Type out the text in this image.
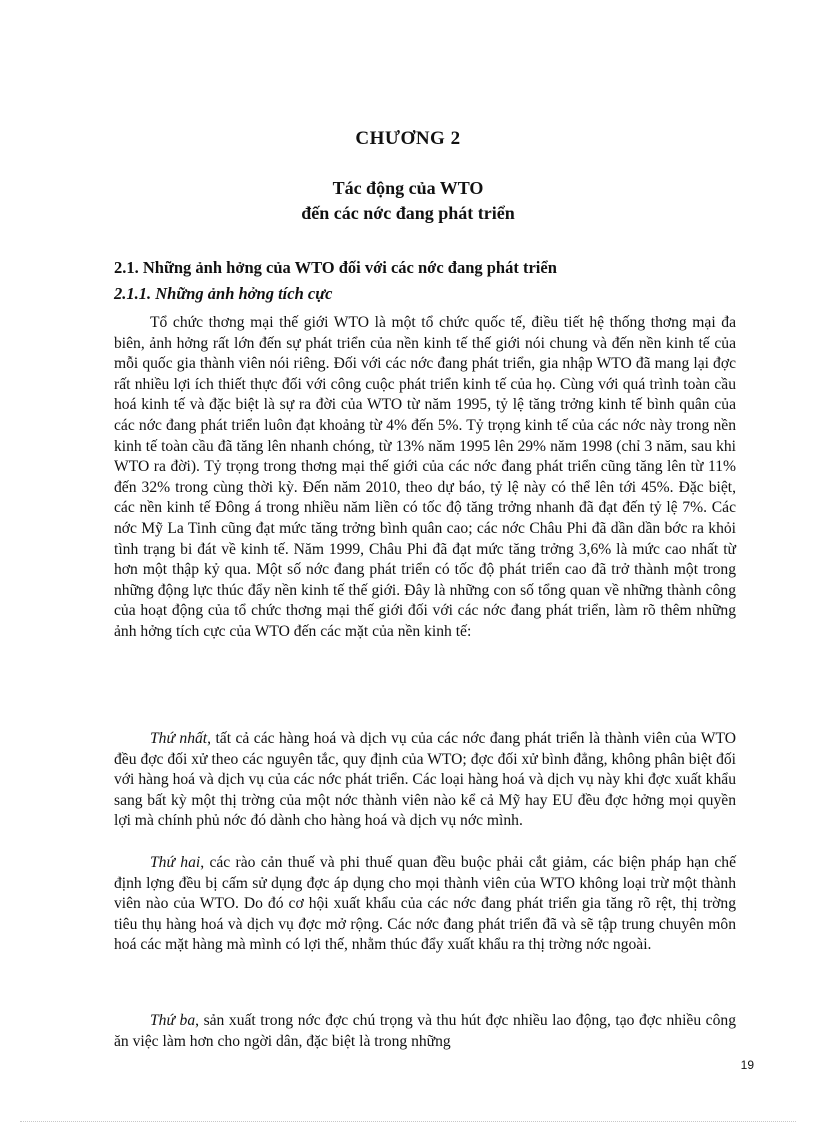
CHƯƠNG 2
Tác động của WTO
đến các nớc đang phát triển
2.1. Những ảnh hởng của WTO đối với các nớc đang phát triển
2.1.1. Những ảnh hởng tích cực

Tổ chức thơng mại thế giới WTO là một tổ chức quốc tế, điều tiết hệ thống thơng mại đa biên, ảnh hởng rất lớn đến sự phát triển của nền kinh tế thế giới nói chung và đến nền kinh tế của mỗi quốc gia thành viên nói riêng. Đối với các nớc đang phát triển, gia nhập WTO đã mang lại đợc rất nhiều lợi ích thiết thực đối với công cuộc phát triển kinh tế của họ. Cùng với quá trình toàn cầu hoá kinh tế và đặc biệt là sự ra đời của WTO từ năm 1995, tỷ lệ tăng trởng kinh tế bình quân của các nớc đang phát triển luôn đạt khoảng từ 4% đến 5%. Tỷ trọng kinh tế của các nớc này trong nền kinh tế toàn cầu đã tăng lên nhanh chóng, từ 13% năm 1995 lên 29% năm 1998 (chỉ 3 năm, sau khi WTO ra đời). Tỷ trọng trong thơng mại thế giới của các nớc đang phát triển cũng tăng lên từ 11% đến 32% trong cùng thời kỳ. Đến năm 2010, theo dự báo, tỷ lệ này có thể lên tới 45%. Đặc biệt, các nền kinh tế Đông á trong nhiều năm liền có tốc độ tăng trởng nhanh đã đạt đến tỷ lệ 7%. Các nớc Mỹ La Tinh cũng đạt mức tăng trởng bình quân cao; các nớc Châu Phi đã dần dần bớc ra khỏi tình trạng bi đát về kinh tế. Năm 1999, Châu Phi đã đạt mức tăng trởng 3,6% là mức cao nhất từ hơn một thập kỷ qua. Một số nớc đang phát triển có tốc độ phát triển cao đã trở thành một trong những động lực thúc đẩy nền kinh tế thế giới. Đây là những con số tổng quan về những thành công của hoạt động của tổ chức thơng mại thế giới đối với các nớc đang phát triển, làm rõ thêm những ảnh hởng tích cực của WTO đến các mặt của nền kinh tế:

Thứ nhất, tất cả các hàng hoá và dịch vụ của các nớc đang phát triển là thành viên của WTO đều đợc đối xử theo các nguyên tắc, quy định của WTO; đợc đối xử bình đẳng, không phân biệt đối với hàng hoá và dịch vụ của các nớc phát triển. Các loại hàng hoá và dịch vụ này khi đợc xuất khẩu sang bất kỳ một thị trờng của một nớc thành viên nào kể cả Mỹ hay EU đều đợc hởng mọi quyền lợi mà chính phủ nớc đó dành cho hàng hoá và dịch vụ nớc mình.

Thứ hai, các rào cản thuế và phi thuế quan đều buộc phải cắt giảm, các biện pháp hạn chế định lợng đều bị cấm sử dụng đợc áp dụng cho mọi thành viên của WTO không loại trừ một thành viên nào của WTO. Do đó cơ hội xuất khẩu của các nớc đang phát triển gia tăng rõ rệt, thị trờng tiêu thụ hàng hoá và dịch vụ đợc mở rộng. Các nớc đang phát triển đã và sẽ tập trung chuyên môn hoá các mặt hàng mà mình có lợi thế, nhằm thúc đẩy xuất khẩu ra thị trờng nớc ngoài.

Thứ ba, sản xuất trong nớc đợc chú trọng và thu hút đợc nhiều lao động, tạo đợc nhiều công ăn việc làm hơn cho ngời dân, đặc biệt là trong những

19
